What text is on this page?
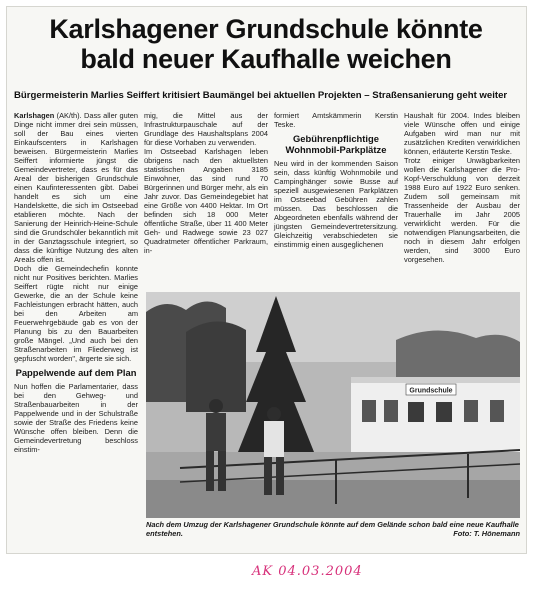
Karlshagener Grundschule könnte
bald neuer Kaufhalle weichen
Bürgermeisterin Marlies Seiffert kritisiert Baumängel bei aktuellen Projekten – Straßensanierung geht weiter

Karlshagen (AK/th). Dass aller guten Dinge nicht immer drei sein müssen, soll der Bau eines vierten Einkaufscenters in Karlshagen beweisen. Bürgermeisterin Marlies Seiffert informierte jüngst die Gemeindevertreter, dass es für das Areal der bisherigen Grundschule einen Kaufinteressenten gibt. Dabei handelt es sich um eine Handelskette, die sich im Ostseebad etablieren möchte. Nach der Sanierung der Heinrich-Heine-Schule sind die Grundschüler bekanntlich mit in der Ganztagsschule integriert, so dass die künftige Nutzung des alten Areals offen ist.

Doch die Gemeindechefin konnte nicht nur Positives berichten. Marlies Seiffert rügte nicht nur einige Gewerke, die an der Schule keine Fachleistungen erbracht hätten, auch bei den Arbeiten am Feuerwehrgebäude gab es von der Planung bis zu den Bauarbeiten große Mängel. „Und auch bei den Straßenarbeiten im Fliederweg ist gepfuscht worden", ärgerte sie sich.

Pappelwende auf dem Plan

Nun hoffen die Parlamentarier, dass bei den Gehweg- und Straßenbauarbeiten in der Pappelwende und in der Schulstraße sowie der Straße des Friedens keine Wünsche offen bleiben. Denn die Gemeindevertretung beschloss einstim-

mig, die Mittel aus der Infrastrukturpauschale auf der Grundlage des Haushaltsplans 2004 für diese Vorhaben zu verwenden.

Im Ostseebad Karlshagen leben übrigens nach den aktuellsten statistischen Angaben 3185 Einwohner, das sind rund 70 Bürgerinnen und Bürger mehr, als ein Jahr zuvor. Das Gemeindegebiet hat eine Größe von 4400 Hektar. Im Ort befinden sich 18 000 Meter öffentliche Straße, über 11 400 Meter Geh- und Radwege sowie 23 027 Quadratmeter öffentlicher Parkraum, in-

formiert Amtskämmerin Kerstin Teske.

Gebührenpflichtige Wohnmobil-Parkplätze

Neu wird in der kommenden Saison sein, dass künftig Wohnmobile und Campinghänger sowie Busse auf speziell ausgewiesenen Parkplätzen im Ostseebad Gebühren zahlen müssen. Das beschlossen die Abgeordneten ebenfalls während der jüngsten Gemeindevertretersitzung. Gleichzeitig verabschiedeten sie einstimmig einen ausgeglichenen

Haushalt für 2004. Indes bleiben viele Wünsche offen und einige Aufgaben wird man nur mit zusätzlichen Krediten verwirklichen können, erläuterte Kerstin Teske.

Trotz einiger Unwägbarkeiten wollen die Karlshagener die Pro-Kopf-Verschuldung von derzeit 1988 Euro auf 1922 Euro senken. Zudem soll gemeinsam mit Trassenheide der Ausbau der Trauerhalle im Jahr 2005 verwirklicht werden. Für die notwendigen Planungsarbeiten, die noch in diesem Jahr erfolgen werden, sind 3000 Euro vorgesehen.

Grundschule
Nach dem Umzug der Karlshagener Grundschule könnte auf dem Gelände schon bald eine neue Kaufhalle entstehen.	Foto: T. Hönemann
AK 04.03.2004
